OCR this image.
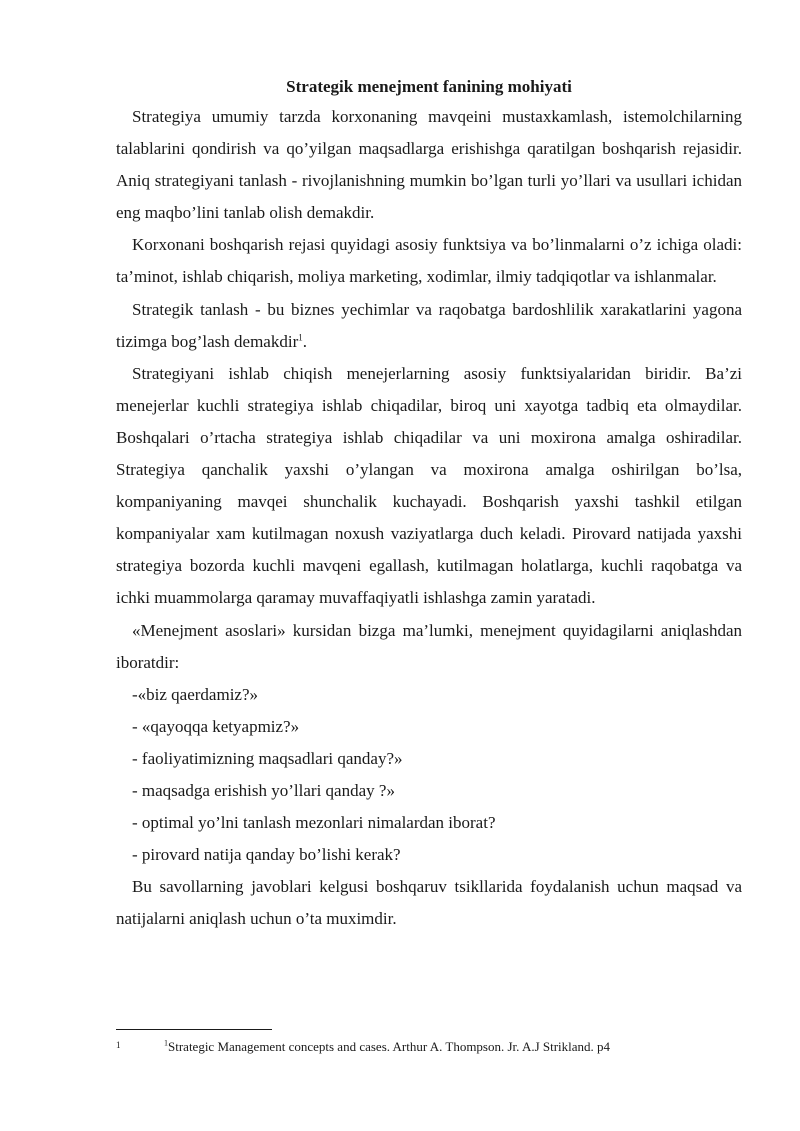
Strategik menejment fanining mohiyati

Strategiya umumiy tarzda korxonaning mavqeini mustaxkamlash, istemolchilarning talablarini qondirish va qo’yilgan maqsadlarga erishishga qaratilgan boshqarish rejasidir. Aniq strategiyani tanlash - rivojlanishning mumkin bo’lgan turli yo’llari va usullari ichidan eng maqbo’lini tanlab olish demakdir.

Korxonani boshqarish rejasi quyidagi asosiy funktsiya va bo’linmalarni o’z ichiga oladi: ta’minot, ishlab chiqarish, moliya marketing, xodimlar, ilmiy tadqiqotlar va ishlanmalar.

Strategik tanlash - bu biznes yechimlar va raqobatga bardoshlilik xarakatlarini yagona tizimga bog’lash demakdir$^1$.

Strategiyani ishlab chiqish menejerlarning asosiy funktsiyalaridan biridir. Ba’zi menejerlar kuchli strategiya ishlab chiqadilar, biroq uni xayotga tadbiq eta olmaydilar. Boshqalari o’rtacha strategiya ishlab chiqadilar va uni moxirona amalga oshiradilar. Strategiya qanchalik yaxshi o’ylangan va moxirona amalga oshirilgan bo’lsa, kompaniyaning mavqei shunchalik kuchayadi. Boshqarish yaxshi tashkil etilgan kompaniyalar xam kutilmagan noxush vaziyatlarga duch keladi. Pirovard natijada yaxshi strategiya bozorda kuchli mavqeni egallash, kutilmagan holatlarga, kuchli raqobatga va ichki muammolarga qaramay muvaffaqiyatli ishlashga zamin yaratadi.

«Menejment asoslari» kursidan bizga ma’lumki, menejment quyidagilarni aniqlashdan iboratdir:

-«biz qaerdamiz?»

- «qayoqqa ketyapmiz?»

- faoliyatimizning maqsadlari qanday?»

- maqsadga erishish yo’llari qanday ?»

- optimal yo’lni tanlash mezonlari nimalardan iborat?

- pirovard natija qanday bo’lishi kerak?

Bu savollarning javoblari kelgusi boshqaruv tsikllarida foydalanish uchun maqsad va natijalarni aniqlash uchun o’ta muximdir.

1	$^1$Strategic Management concepts and cases. Arthur A. Thompson. Jr. A.J Strikland. p4
